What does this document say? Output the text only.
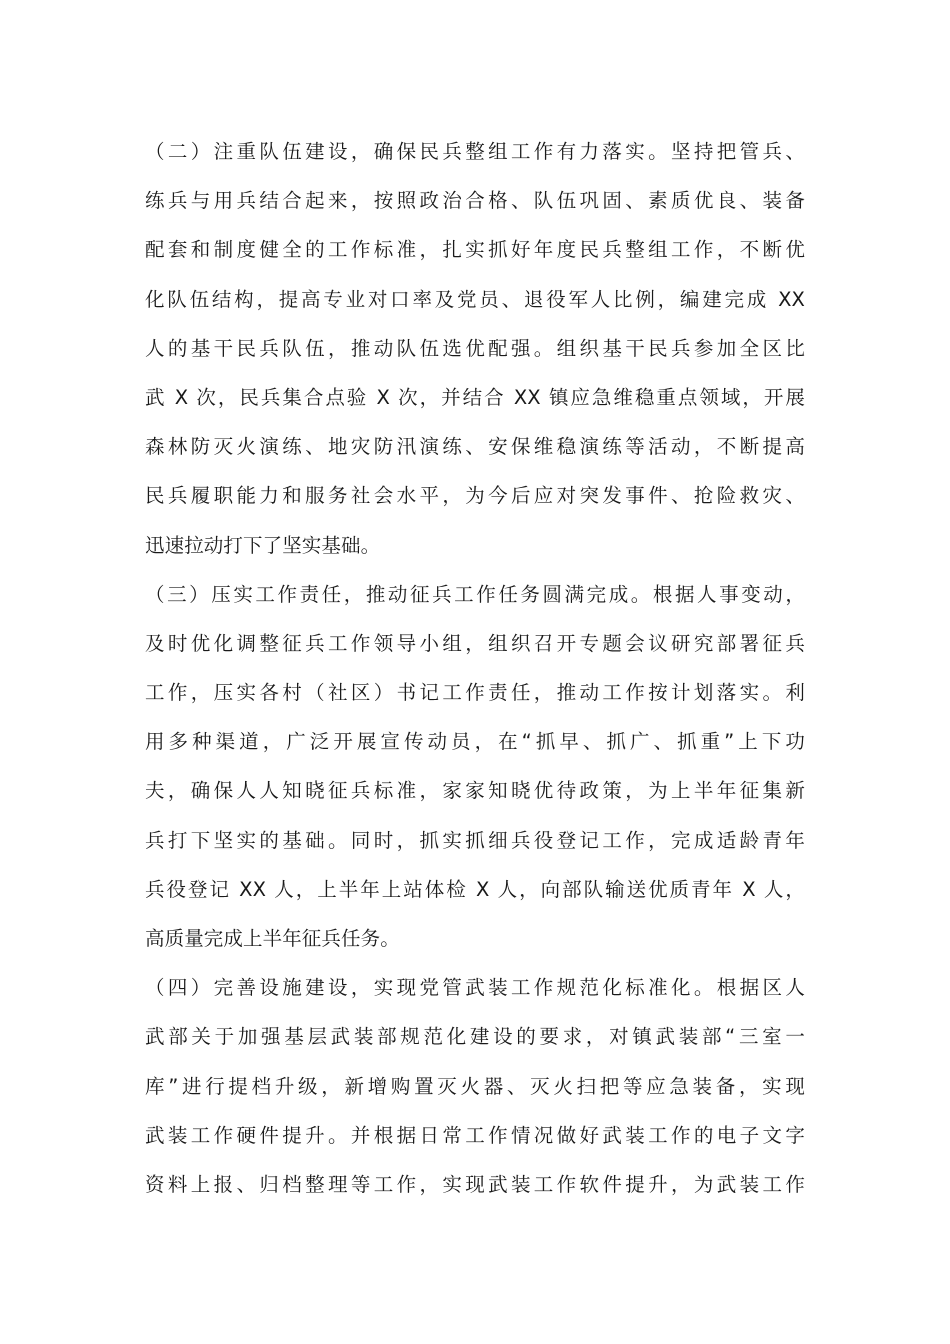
（二）注重队伍建设，确保民兵整组工作有力落实。坚持把管兵、
练兵与用兵结合起来，按照政治合格、队伍巩固、素质优良、装备
配套和制度健全的工作标准，扎实抓好年度民兵整组工作，不断优
化队伍结构，提高专业对口率及党员、退役军人比例，编建完成 XX
人的基干民兵队伍，推动队伍选优配强。组织基干民兵参加全区比
武 X 次，民兵集合点验 X 次，并结合 XX 镇应急维稳重点领域，开展
森林防灭火演练、地灾防汛演练、安保维稳演练等活动，不断提高
民兵履职能力和服务社会水平，为今后应对突发事件、抢险救灾、
迅速拉动打下了坚实基础。
（三）压实工作责任，推动征兵工作任务圆满完成。根据人事变动，
及时优化调整征兵工作领导小组，组织召开专题会议研究部署征兵
工作，压实各村（社区）书记工作责任，推动工作按计划落实。利
用多种渠道，广泛开展宣传动员，在“抓早、抓广、抓重”上下功
夫，确保人人知晓征兵标准，家家知晓优待政策，为上半年征集新
兵打下坚实的基础。同时，抓实抓细兵役登记工作，完成适龄青年
兵役登记 XX 人，上半年上站体检 X 人，向部队输送优质青年 X 人，
高质量完成上半年征兵任务。
（四）完善设施建设，实现党管武装工作规范化标准化。根据区人
武部关于加强基层武装部规范化建设的要求，对镇武装部“三室一
库”进行提档升级，新增购置灭火器、灭火扫把等应急装备，实现
武装工作硬件提升。并根据日常工作情况做好武装工作的电子文字
资料上报、归档整理等工作，实现武装工作软件提升，为武装工作
